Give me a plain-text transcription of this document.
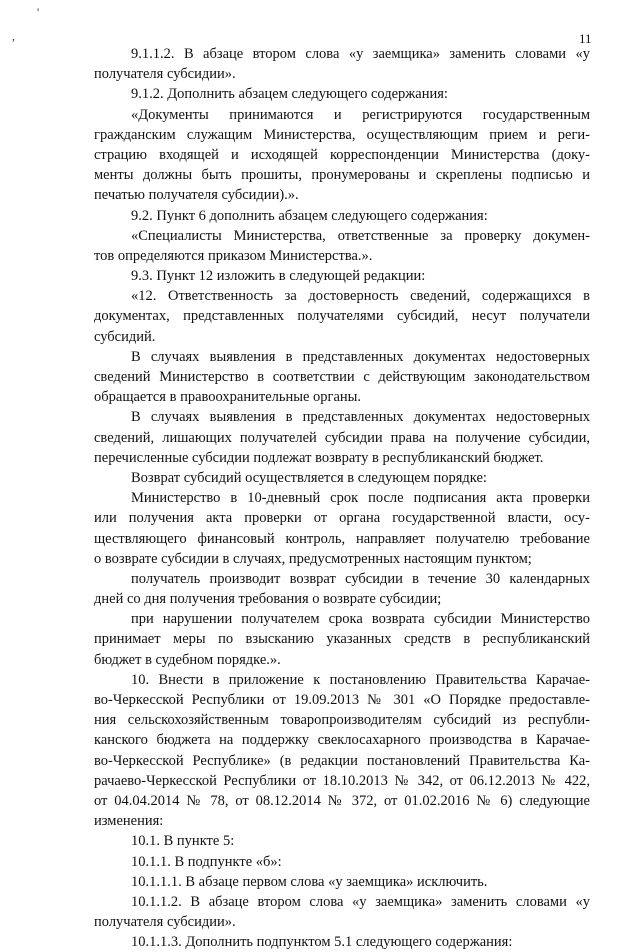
'
,	11
9.1.1.2. В абзаце втором слова «у заемщика» заменить словами «у
получателя субсидии».
9.1.2. Дополнить абзацем следующего содержания:
«Документы принимаются и регистрируются государственным
гражданским служащим Министерства, осуществляющим прием и реги-
страцию входящей и исходящей корреспонденции Министерства (доку-
менты должны быть прошиты, пронумерованы и скреплены подписью и
печатью получателя субсидии).».
9.2. Пункт 6 дополнить абзацем следующего содержания:
«Специалисты Министерства, ответственные за проверку докумен-
тов определяются приказом Министерства.».
9.3. Пункт 12 изложить в следующей редакции:
«12. Ответственность за достоверность сведений, содержащихся в
документах, представленных получателями субсидий, несут получатели
субсидий.
В случаях выявления в представленных документах недостоверных
сведений Министерство в соответствии с действующим законодательством
обращается в правоохранительные органы.
В случаях выявления в представленных документах недостоверных
сведений, лишающих получателей субсидии права на получение субсидии,
перечисленные субсидии подлежат возврату в республиканский бюджет.
Возврат субсидий осуществляется в следующем порядке:
Министерство в 10-дневный срок после подписания акта проверки
или получения акта проверки от органа государственной власти, осу-
ществляющего финансовый контроль, направляет получателю требование
о возврате субсидии в случаях, предусмотренных настоящим пунктом;
получатель производит возврат субсидии в течение 30 календарных
дней со дня получения требования о возврате субсидии;
при нарушении получателем срока возврата субсидии Министерство
принимает меры по взысканию указанных средств в республиканский
бюджет в судебном порядке.».
10. Внести в приложение к постановлению Правительства Карачае-
во-Черкесской Республики от 19.09.2013 № 301 «О Порядке предоставле-
ния сельскохозяйственным товаропроизводителям субсидий из республи-
канского бюджета на поддержку свеклосахарного производства в Карачае-
во-Черкесской Республике» (в редакции постановлений Правительства Ка-
рачаево-Черкесской Республики от 18.10.2013 № 342, от 06.12.2013 № 422,
от 04.04.2014 № 78, от 08.12.2014 № 372, от 01.02.2016 № 6) следующие
изменения:
10.1. В пункте 5:
10.1.1. В подпункте «б»:
10.1.1.1. В абзаце первом слова «у заемщика» исключить.
10.1.1.2. В абзаце втором слова «у заемщика» заменить словами «у
получателя субсидии».
10.1.1.3. Дополнить подпунктом 5.1 следующего содержания:
